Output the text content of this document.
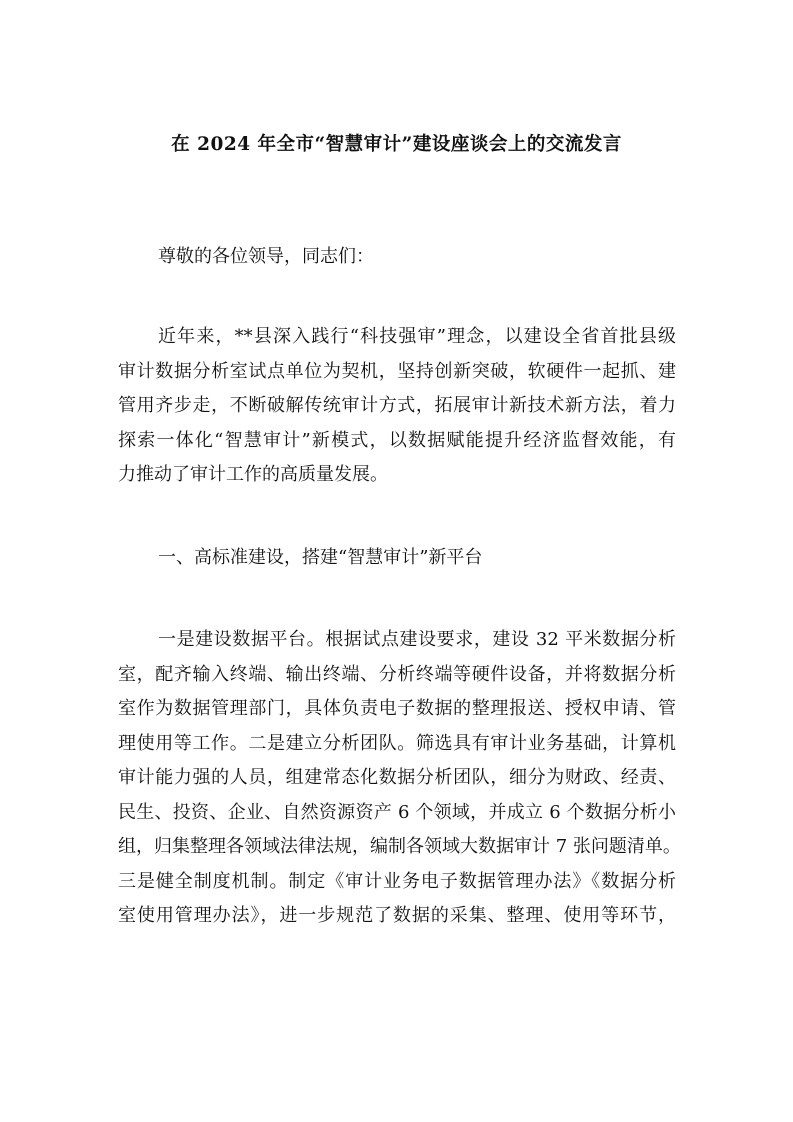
在 2024 年全市“智慧审计”建设座谈会上的交流发言
尊敬的各位领导，同志们：
近年来，**县深入践行“科技强审”理念，以建设全省首批县级
审计数据分析室试点单位为契机，坚持创新突破，软硬件一起抓、建
管用齐步走，不断破解传统审计方式，拓展审计新技术新方法，着力
探索一体化“智慧审计”新模式，以数据赋能提升经济监督效能，有
力推动了审计工作的高质量发展。
一、高标准建设，搭建“智慧审计”新平台
一是建设数据平台。根据试点建设要求，建设 32 平米数据分析
室，配齐输入终端、输出终端、分析终端等硬件设备，并将数据分析
室作为数据管理部门，具体负责电子数据的整理报送、授权申请、管
理使用等工作。二是建立分析团队。筛选具有审计业务基础，计算机
审计能力强的人员，组建常态化数据分析团队，细分为财政、经责、
民生、投资、企业、自然资源资产 6 个领域，并成立 6 个数据分析小
组，归集整理各领域法律法规，编制各领域大数据审计 7 张问题清单。
三是健全制度机制。制定《审计业务电子数据管理办法》《数据分析
室使用管理办法》，进一步规范了数据的采集、整理、使用等环节，
